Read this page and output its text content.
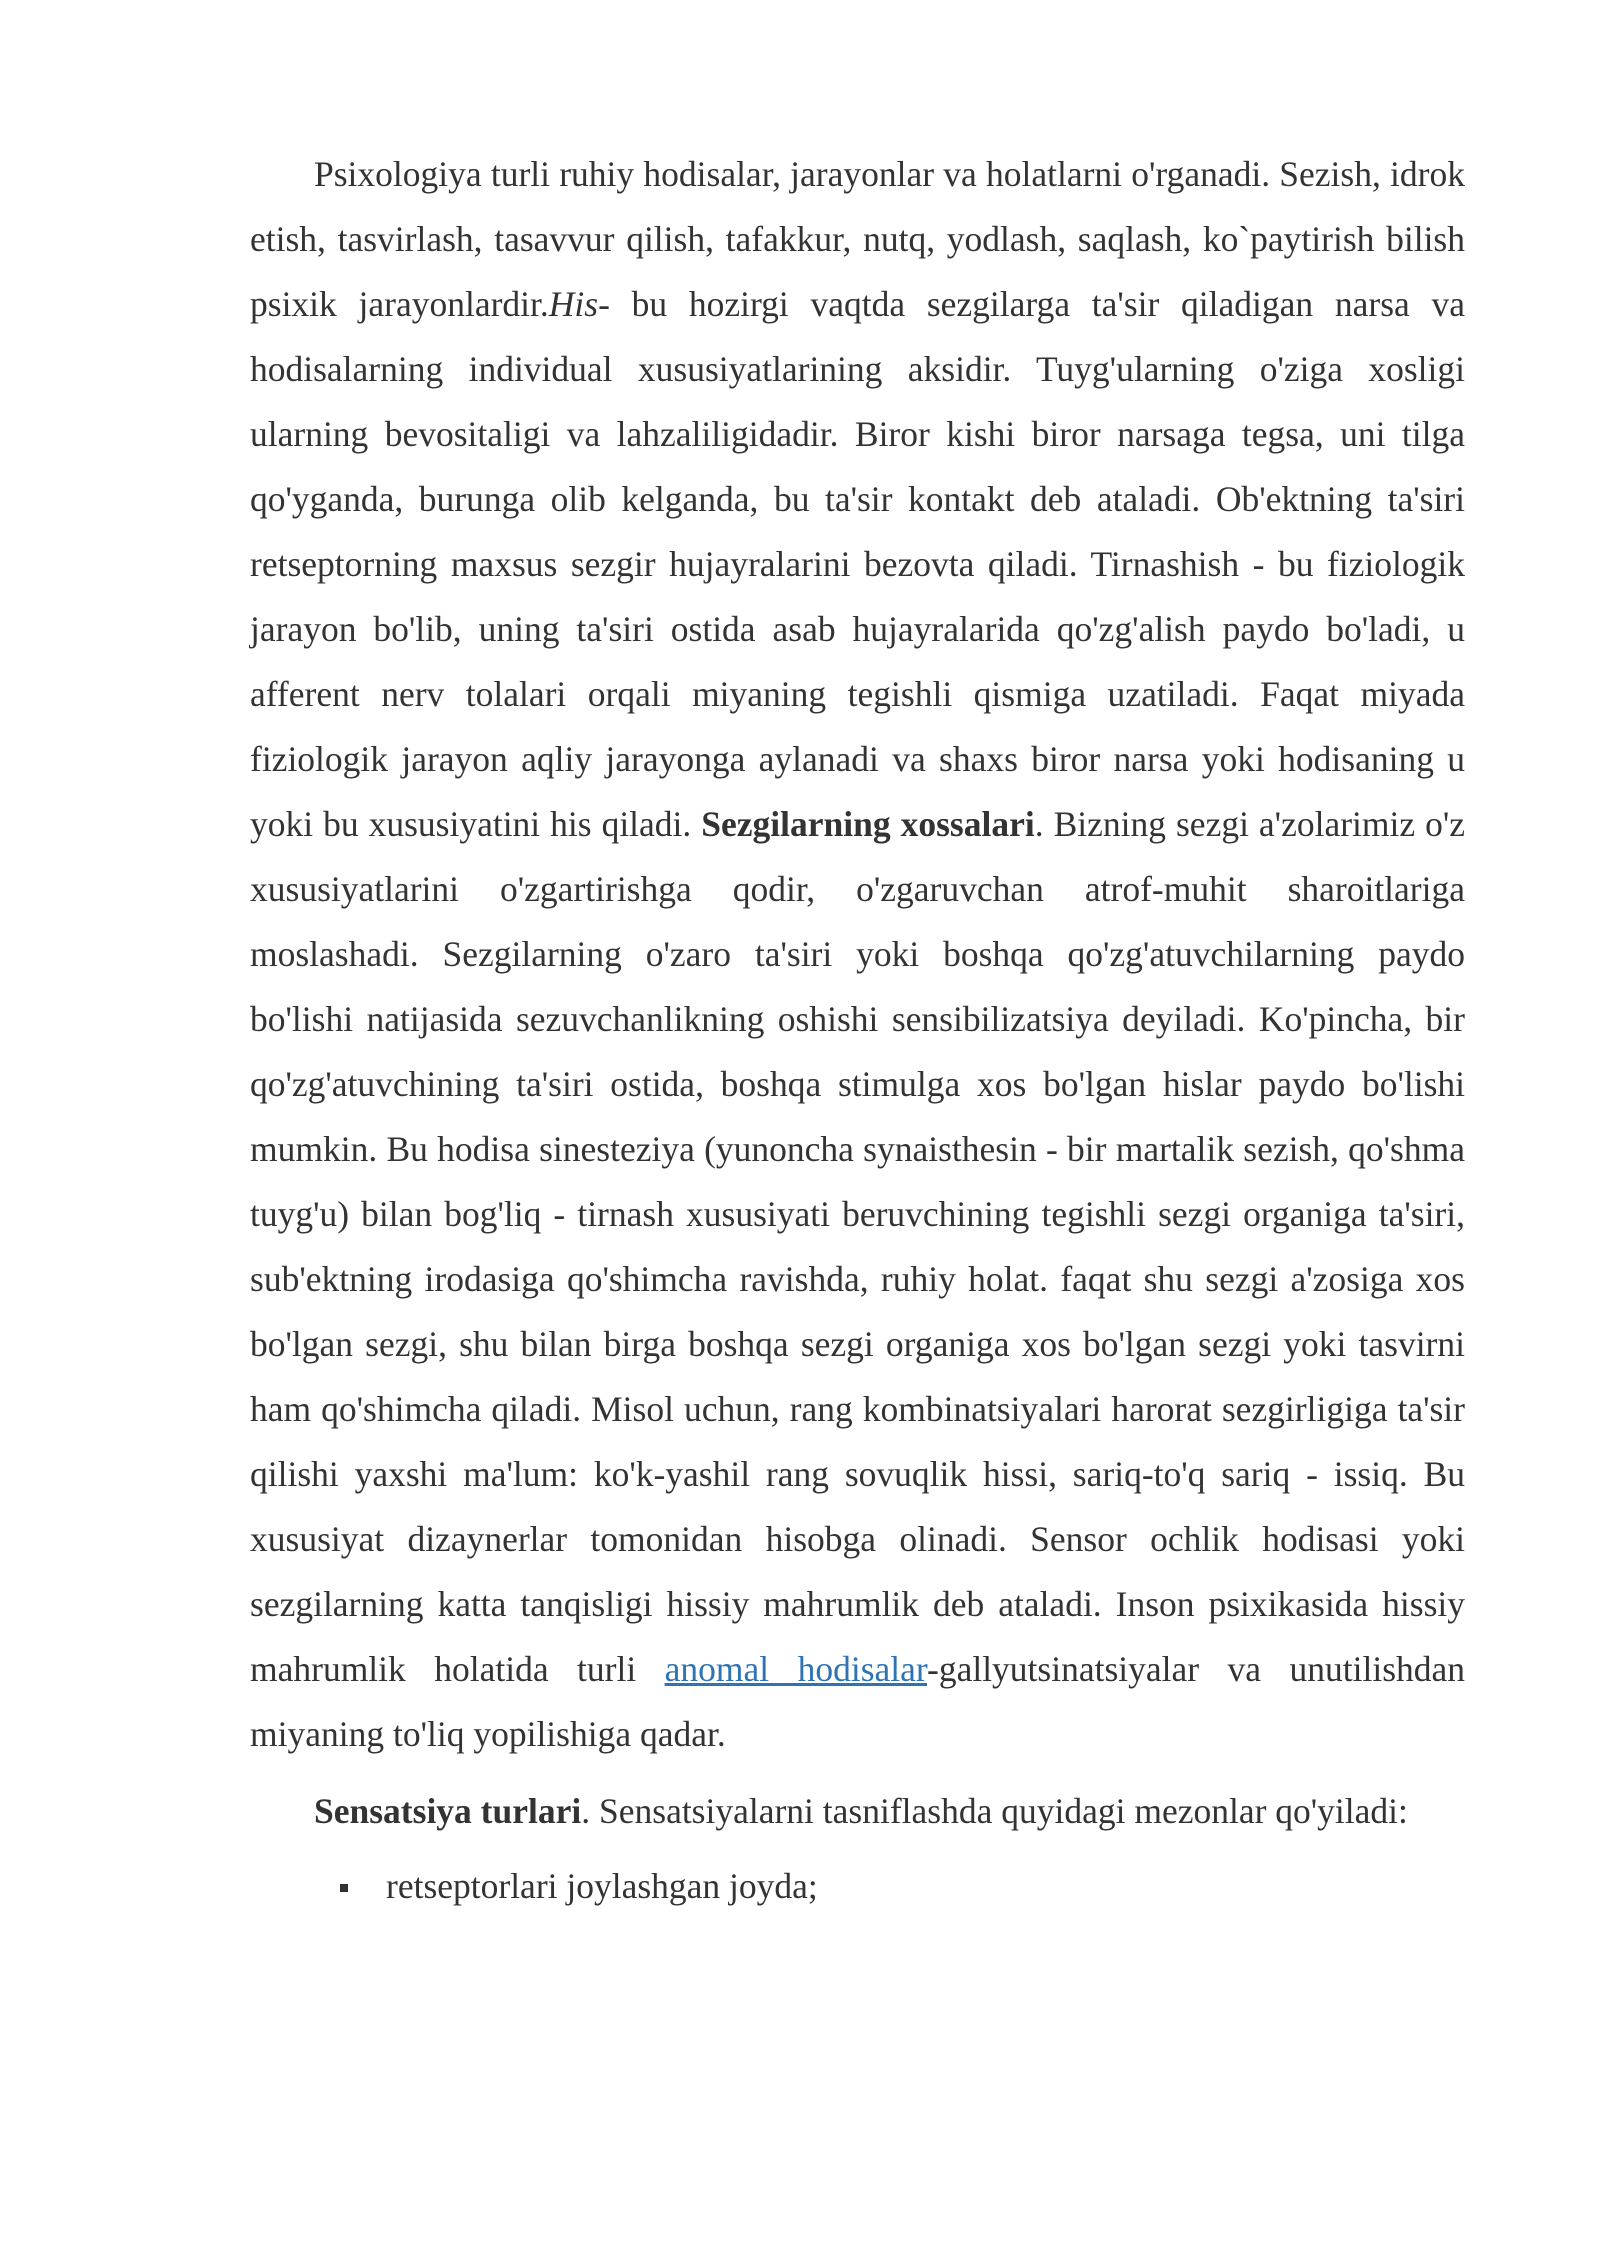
Psixologiya turli ruhiy hodisalar, jarayonlar va holatlarni o'rganadi. Sezish, idrok etish, tasvirlash, tasavvur qilish, tafakkur, nutq, yodlash, saqlash, ko`paytirish bilish psixik jarayonlardir.His- bu hozirgi vaqtda sezgilarga ta'sir qiladigan narsa va hodisalarning individual xususiyatlarining aksidir. Tuyg'ularning o'ziga xosligi ularning bevositaligi va lahzaliligidadir. Biror kishi biror narsaga tegsa, uni tilga qo'yganda, burunga olib kelganda, bu ta'sir kontakt deb ataladi. Ob'ektning ta'siri retseptorning maxsus sezgir hujayralarini bezovta qiladi. Tirnashish - bu fiziologik jarayon bo'lib, uning ta'siri ostida asab hujayralarida qo'zg'alish paydo bo'ladi, u afferent nerv tolalari orqali miyaning tegishli qismiga uzatiladi. Faqat miyada fiziologik jarayon aqliy jarayonga aylanadi va shaxs biror narsa yoki hodisaning u yoki bu xususiyatini his qiladi. Sezgilarning xossalari. Bizning sezgi a'zolarimiz o'z xususiyatlarini o'zgartirishga qodir, o'zgaruvchan atrof-muhit sharoitlariga moslashadi. Sezgilarning o'zaro ta'siri yoki boshqa qo'zg'atuvchilarning paydo bo'lishi natijasida sezuvchanlikning oshishi sensibilizatsiya deyiladi. Ko'pincha, bir qo'zg'atuvchining ta'siri ostida, boshqa stimulga xos bo'lgan hislar paydo bo'lishi mumkin. Bu hodisa sinesteziya (yunoncha synaisthesin - bir martalik sezish, qo'shma tuyg'u) bilan bog'liq - tirnash xususiyati beruvchining tegishli sezgi organiga ta'siri, sub'ektning irodasiga qo'shimcha ravishda, ruhiy holat. faqat shu sezgi a'zosiga xos bo'lgan sezgi, shu bilan birga boshqa sezgi organiga xos bo'lgan sezgi yoki tasvirni ham qo'shimcha qiladi. Misol uchun, rang kombinatsiyalari harorat sezgirligiga ta'sir qilishi yaxshi ma'lum: ko'k-yashil rang sovuqlik hissi, sariq-to'q sariq - issiq. Bu xususiyat dizaynerlar tomonidan hisobga olinadi. Sensor ochlik hodisasi yoki sezgilarning katta tanqisligi hissiy mahrumlik deb ataladi. Inson psixikasida hissiy mahrumlik holatida turli anomal hodisalar-gallyutsinatsiyalar va unutilishdan miyaning to'liq yopilishiga qadar.

Sensatsiya turlari. Sensatsiyalarni tasniflashda quyidagi mezonlar qo'yiladi:

retseptorlari joylashgan joyda;
